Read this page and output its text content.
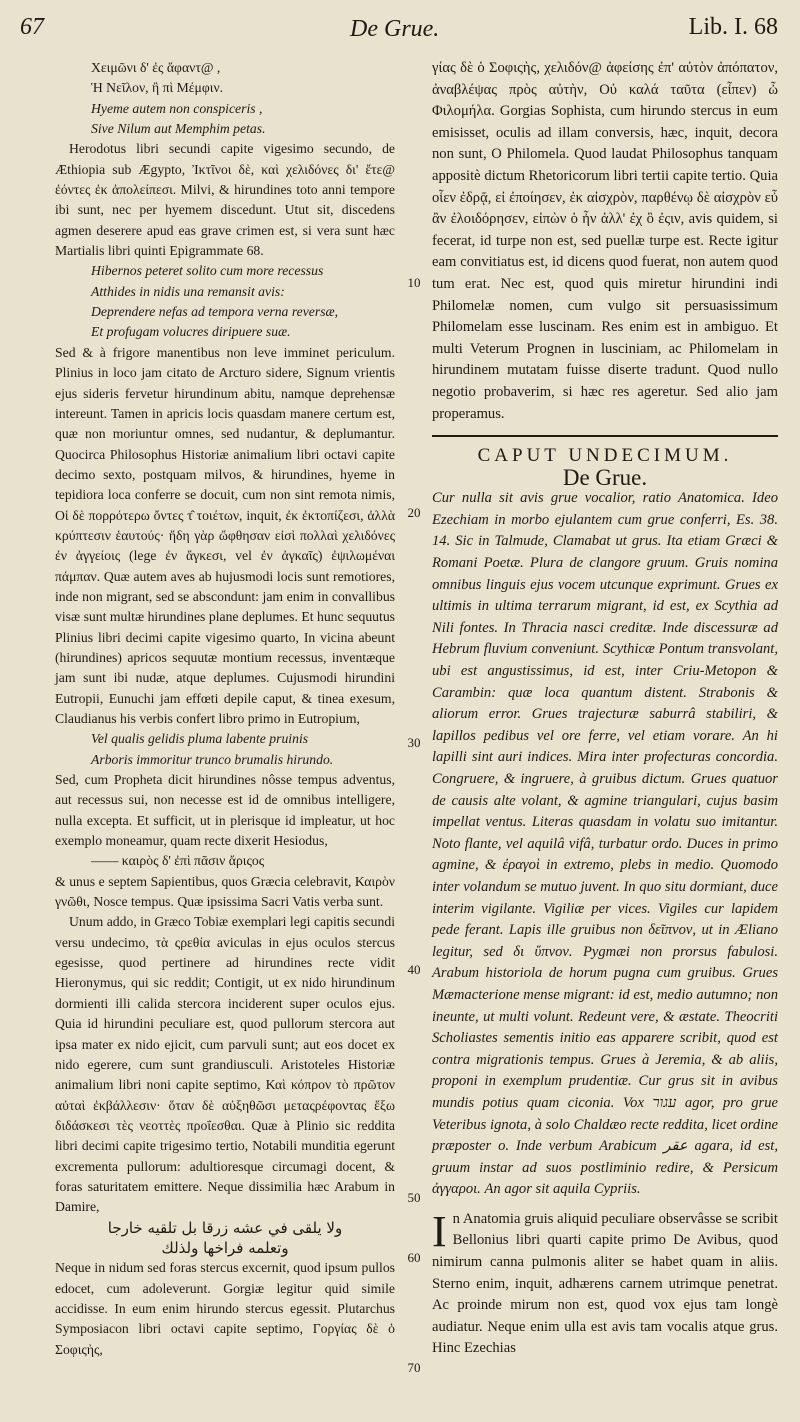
67	De Grue.	Lib. I. 68
10
20
30
40
50
60
70

Χειμῶνι δ' ἐς ἄφαντ@ ,

Ἡ Νεῖλον, ἢ πὶ Μέμφιν.

Hyeme autem non conspiceris ,

Sive Nilum aut Memphim petas.

Herodotus libri secundi capite vigesimo secundo, de Æthiopia sub Ægypto, Ἰκτῖνοι δὲ, καὶ χελιδόνες δι' ἔτε@ ἐόντες ἐκ ἀπολείπεσι. Milvi, & hirundines toto anni tempore ibi sunt, nec per hyemem discedunt. Utut sit, discedens agmen deserere apud eas grave crimen est, si vera sunt hæc Martialis libri quinti Epigrammate 68.

Hibernos peteret solito cum more recessus

Atthides in nidis una remansit avis:

Deprendere nefas ad tempora verna reversæ,

Et profugam volucres diripuere suæ.

Sed & à frigore manentibus non leve imminet periculum. Plinius in loco jam citato de Arcturo sidere, Signum vrientis ejus sideris fervetur hirundinum abitu, namque deprehensæ intereunt. Tamen in apricis locis quasdam manere certum est, quæ non moriuntur omnes, sed nudantur, & deplumantur. Quocirca Philosophus Historiæ animalium libri octavi capite decimo sexto, postquam milvos, & hirundines, hyeme in tepidiora loca conferre se docuit, cum non sint remota nimis, Οἱ δὲ πορρότερω ὄντες τ̂ τοιέτων, inquit, ἐκ ἐκτοπίζεσι, ἀλλὰ κρύπτεσιν ἑαυτούς· ἤδη γὰρ ὤφθησαν εἰσὶ πολλαὶ χελιδόνες ἐν ἀγγείοις (lege ἐν ἄγκεσι, vel ἐν ἀγκαῖς) ἐψιλωμέναι πάμπαν. Quæ autem aves ab hujusmodi locis sunt remotiores, inde non migrant, sed se abscondunt: jam enim in convallibus visæ sunt multæ hirundines plane deplumes. Et hunc sequutus Plinius libri decimi capite vigesimo quarto, In vicina abeunt (hirundines) apricos sequutæ montium recessus, inventæque jam sunt ibi nudæ, atque deplumes. Cujusmodi hirundini Eutropii, Eunuchi jam effœti depile caput, & tinea exesum, Claudianus his verbis confert libro primo in Eutropium,

Vel qualis gelidis pluma labente pruinis

Arboris immoritur trunco brumalis hirundo.

Sed, cum Propheta dicit hirundines nôsse tempus adventus, aut recessus sui, non necesse est id de omnibus intelligere, nulla excepta. Et sufficit, ut in plerisque id impleatur, ut hoc exemplo moneamur, quam recte dixerit Hesiodus,

—— καιρὸς δ' ἐπὶ πᾶσιν ἄριςος

& unus e septem Sapientibus, quos Græcia celebravit, Καιρὸν γνῶθι, Nosce tempus. Quæ ipsissima Sacri Vatis verba sunt.

Unum addo, in Græco Tobiæ exemplari legi capitis secundi versu undecimo, τὰ ςρεθία aviculas in ejus oculos stercus egesisse, quod pertinere ad hirundines recte vidit Hieronymus, qui sic reddit; Contigit, ut ex nido hirundinum dormienti illi calida stercora inciderent super oculos ejus. Quia id hirundini peculiare est, quod pullorum stercora aut ipsa mater ex nido ejicit, cum parvuli sunt; aut eos docet ex nido egerere, cum sunt grandiusculi. Aristoteles Historiæ animalium libri noni capite septimo, Καὶ κόπρον τὸ πρῶτον αὐταὶ ἐκβάλλεσιν· ὅταν δὲ αὐξηθῶσι μεταςρέφοντας ἔξω διδάσκεσι τὲς νεοττὲς προΐεσθαι. Quæ à Plinio sic reddita libri decimi capite trigesimo tertio, Notabili munditia egerunt excrementa pullorum: adultioresque circumagi docent, & foras saturitatem emittere. Neque dissimilia hæc Arabum in Damire,

ولا يلقى في عشه زرقا بل تلقيه خارجا

وتعلمه فراخها ولذلك

Neque in nidum sed foras stercus excernit, quod ipsum pullos edocet, cum adoleverunt. Gorgiæ legitur quid simile accidisse. In eum enim hirundo stercus egessit. Plutarchus Symposiacon libri octavi capite septimo, Γοργίας δὲ ὁ Σοφιςὴς,

γίας δὲ ὁ Σοφιςὴς, χελιδόν@ ἀφείσης ἐπ' αὐτὸν ἀπόπατον, ἀναβλέψας πρὸς αὐτὴν, Οὐ καλά ταῦτα (εἶπεν) ὦ Φιλομήλα. Gorgias Sophista, cum hirundo stercus in eum emisisset, oculis ad illam conversis, hæc, inquit, decora non sunt, O Philomela. Quod laudat Philosophus tanquam appositè dictum Rhetoricorum libri tertii capite tertio. Quia οἷεν ἐδρᾷ, εἰ ἐποίησεν, ἐκ αἰσχρὸν, παρθένῳ δὲ αἰσχρὸν εὖ ἂν ἐλοιδόρησεν, εἰπὼν ὁ ἦν ἀλλ' ἐχ ὃ ἐςιν, avis quidem, si fecerat, id turpe non est, sed puellæ turpe est. Recte igitur eam convitiatus est, id dicens quod fuerat, non autem quod tum erat. Nec est, quod quis miretur hirundini indi Philomelæ nomen, cum vulgo sit persuasissimum Philomelam esse luscinam. Res enim est in ambiguo. Et multi Veterum Prognen in lusciniam, ac Philomelam in hirundinem mutatam fuisse diserte tradunt. Quod nullo negotio probaverim, si hæc res ageretur. Sed alio jam properamus.

CAPUT UNDECIMUM.

De Grue.

Cur nulla sit avis grue vocalior, ratio Anatomica. Ideo Ezechiam in morbo ejulantem cum grue conferri, Es. 38. 14. Sic in Talmude, Clamabat ut grus. Ita etiam Græci & Romani Poetæ. Plura de clangore gruum. Gruis nomina omnibus linguis ejus vocem utcunque exprimunt. Grues ex ultimis in ultima terrarum migrant, id est, ex Scythia ad Nili fontes. In Thracia nasci creditæ. Inde discessuræ ad Hebrum fluvium conveniunt. Scythicæ Pontum transvolant, ubi est angustissimus, id est, inter Criu-Metopon & Carambin: quæ loca quantum distent. Strabonis & aliorum error. Grues trajecturæ saburrâ stabiliri, & lapillos pedibus vel ore ferre, vel etiam vorare. An hi lapilli sint auri indices. Mira inter profecturas concordia. Congruere, & ingruere, à gruibus dictum. Grues quatuor de causis alte volant, & agmine triangulari, cujus basim impellat ventus. Literas quasdam in volatu suo imitantur. Noto flante, vel aquilâ vifâ, turbatur ordo. Duces in primo agmine, & ἐραγοὶ in extremo, plebs in medio. Quomodo inter volandum se mutuo juvent. In quo situ dormiant, duce interim vigilante. Vigiliæ per vices. Vigiles cur lapidem pede ferant. Lapis ille gruibus non δεῖπνον, ut in Æliano legitur, sed δι ὕπνον. Pygmæi non prorsus fabulosi. Arabum historiola de horum pugna cum gruibus. Grues Mæmacterione mense migrant: id est, medio autumno; non ineunte, ut multi volunt. Redeunt vere, & æstate. Theocriti Scholiastes sementis initio eas apparere scribit, quod est contra migrationis tempus. Grues à Jeremia, & ab aliis, proponi in exemplum prudentiæ. Cur grus sit in avibus mundis potius quam ciconia. Vox עגור agor, pro grue Veteribus ignota, à solo Chaldæo recte reddita, licet ordine præposter o. Inde verbum Arabicum عقر agara, id est, gruum instar ad suos postliminio redire, & Persicum ἀγγαροι. An agor sit aquila Cypriis.

In Anatomia gruis aliquid peculiare observâsse se scribit Bellonius libri quarti capite primo De Avibus, quod nimirum canna pulmonis aliter se habet quam in aliis. Sterno enim, inquit, adhærens carnem utrimque penetrat. Ac proinde mirum non est, quod vox ejus tam longè audiatur. Neque enim ulla est avis tam vocalis atque grus. Hinc Ezechias
